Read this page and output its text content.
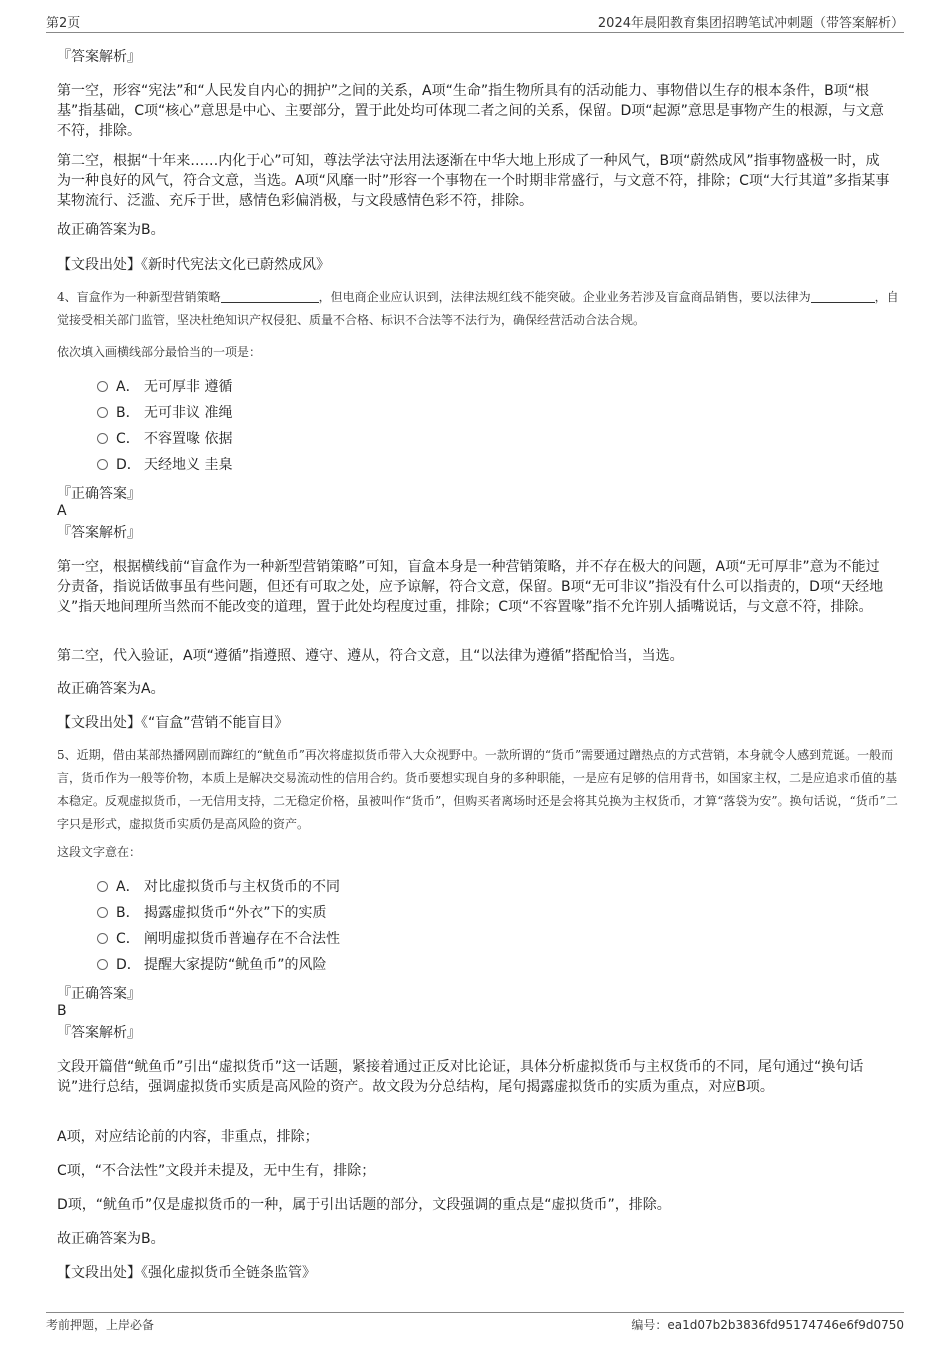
第2页	2024年晨阳教育集团招聘笔试冲刺题（带答案解析）
『答案解析』
第一空，形容“宪法”和“人民发自内心的拥护”之间的关系，A项“生命”指生物所具有的活动能力、事物借以生存的根本条件，B项“根基”指基础，C项“核心”意思是中心、主要部分，置于此处均可体现二者之间的关系，保留。D项“起源”意思是事物产生的根源，与文意不符，排除。
第二空，根据“十年来……内化于心”可知，尊法学法守法用法逐渐在中华大地上形成了一种风气，B项“蔚然成风”指事物盛极一时，成为一种良好的风气，符合文意，当选。A项“风靡一时”形容一个事物在一个时期非常盛行，与文意不符，排除；C项“大行其道”多指某事某物流行、泛滥、充斥于世，感情色彩偏消极，与文段感情色彩不符，排除。
故正确答案为B。
【文段出处】《新时代宪法文化已蔚然成风》
4、盲盒作为一种新型营销策略	，但电商企业应认识到，法律法规红线不能突破。企业业务若涉及盲盒商品销售，要以法律为	，自觉接受相关部门监管，坚决杜绝知识产权侵犯、质量不合格、标识不合法等不法行为，确保经营活动合法合规。
依次填入画横线部分最恰当的一项是：
A． 无可厚非 遵循
B． 无可非议 准绳
C． 不容置喙 依据
D． 天经地义 圭臬
『正确答案』
A
『答案解析』
第一空，根据横线前“盲盒作为一种新型营销策略”可知，盲盒本身是一种营销策略，并不存在极大的问题，A项“无可厚非”意为不能过分责备，指说话做事虽有些问题，但还有可取之处，应予谅解，符合文意，保留。B项“无可非议”指没有什么可以指责的，D项“天经地义”指天地间理所当然而不能改变的道理，置于此处均程度过重，排除；C项“不容置喙”指不允许别人插嘴说话，与文意不符，排除。
第二空，代入验证，A项“遵循”指遵照、遵守、遵从，符合文意，且“以法律为遵循”搭配恰当，当选。
故正确答案为A。
【文段出处】《“盲盒”营销不能盲目》
5、近期，借由某部热播网剧而蹿红的“鱿鱼币”再次将虚拟货币带入大众视野中。一款所谓的“货币”需要通过蹭热点的方式营销，本身就令人感到荒诞。一般而言，货币作为一般等价物，本质上是解决交易流动性的信用合约。货币要想实现自身的多种职能，一是应有足够的信用背书，如国家主权，二是应追求币值的基本稳定。反观虚拟货币，一无信用支持，二无稳定价格，虽被叫作“货币”，但购买者离场时还是会将其兑换为主权货币，才算“落袋为安”。换句话说，“货币”二字只是形式，虚拟货币实质仍是高风险的资产。
这段文字意在：
A． 对比虚拟货币与主权货币的不同
B． 揭露虚拟货币“外衣”下的实质
C． 阐明虚拟货币普遍存在不合法性
D． 提醒大家提防“鱿鱼币”的风险
『正确答案』
B
『答案解析』
文段开篇借“鱿鱼币”引出“虚拟货币”这一话题，紧接着通过正反对比论证，具体分析虚拟货币与主权货币的不同，尾句通过“换句话说”进行总结，强调虚拟货币实质是高风险的资产。故文段为分总结构，尾句揭露虚拟货币的实质为重点，对应B项。
A项，对应结论前的内容，非重点，排除；
C项，“不合法性”文段并未提及，无中生有，排除；
D项，“鱿鱼币”仅是虚拟货币的一种，属于引出话题的部分，文段强调的重点是“虚拟货币”，排除。
故正确答案为B。
【文段出处】《强化虚拟货币全链条监管》
考前押题，上岸必备	编号：ea1d07b2b3836fd95174746e6f9d0750
